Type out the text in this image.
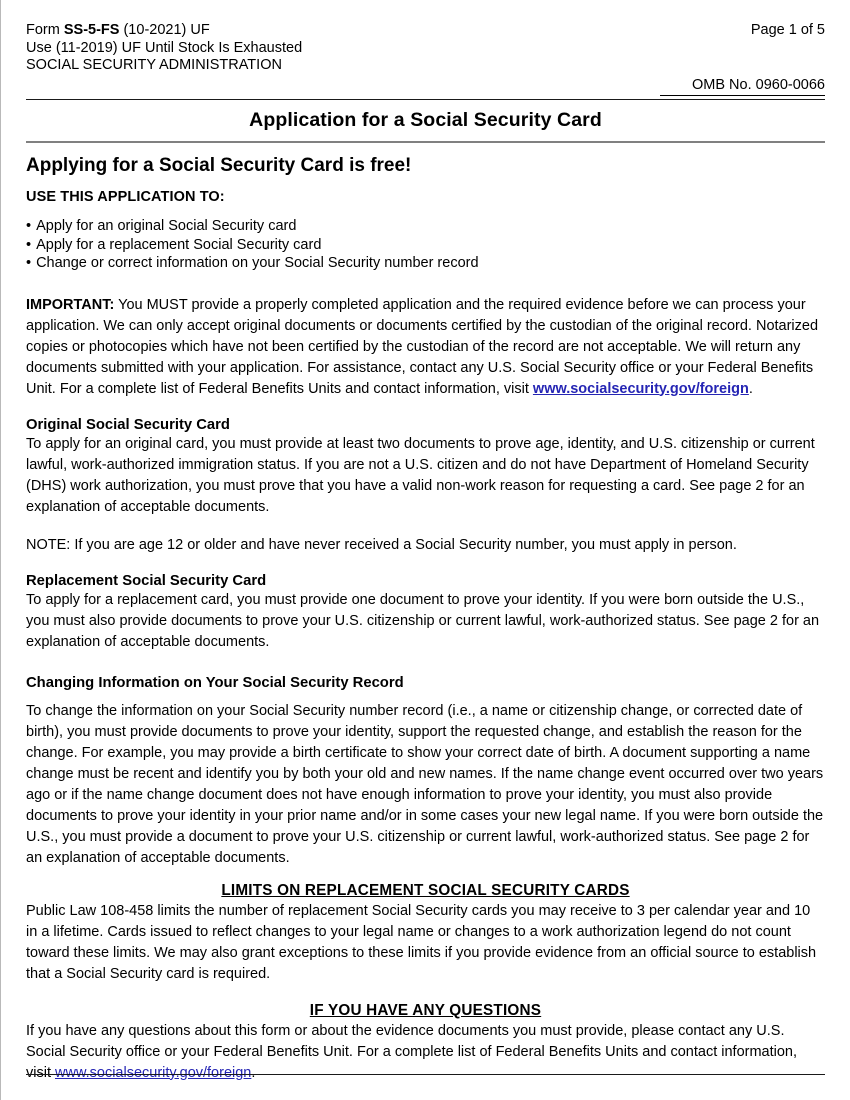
Form SS-5-FS (10-2021) UF
Use (11-2019) UF Until Stock Is Exhausted
SOCIAL SECURITY ADMINISTRATION
Page 1 of 5
OMB No. 0960-0066
Application for a Social Security Card
Applying for a Social Security Card is free!
USE THIS APPLICATION TO:
• Apply for an original Social Security card
• Apply for a replacement Social Security card
• Change or correct information on your Social Security number record

IMPORTANT: You MUST provide a properly completed application and the required evidence before we can process your application. We can only accept original documents or documents certified by the custodian of the original record. Notarized copies or photocopies which have not been certified by the custodian of the record are not acceptable. We will return any documents submitted with your application. For assistance, contact any U.S. Social Security office or your Federal Benefits Unit. For a complete list of Federal Benefits Units and contact information, visit www.socialsecurity.gov/foreign.

Original Social Security Card

To apply for an original card, you must provide at least two documents to prove age, identity, and U.S. citizenship or current lawful, work-authorized immigration status. If you are not a U.S. citizen and do not have Department of Homeland Security (DHS) work authorization, you must prove that you have a valid non-work reason for requesting a card. See page 2 for an explanation of acceptable documents.

NOTE: If you are age 12 or older and have never received a Social Security number, you must apply in person.

Replacement Social Security Card

To apply for a replacement card, you must provide one document to prove your identity. If you were born outside the U.S., you must also provide documents to prove your U.S. citizenship or current lawful, work-authorized status. See page 2 for an explanation of acceptable documents.

Changing Information on Your Social Security Record

To change the information on your Social Security number record (i.e., a name or citizenship change, or corrected date of birth), you must provide documents to prove your identity, support the requested change, and establish the reason for the change. For example, you may provide a birth certificate to show your correct date of birth. A document supporting a name change must be recent and identify you by both your old and new names. If the name change event occurred over two years ago or if the name change document does not have enough information to prove your identity, you must also provide documents to prove your identity in your prior name and/or in some cases your new legal name. If you were born outside the U.S., you must provide a document to prove your U.S. citizenship or current lawful, work-authorized status. See page 2 for an explanation of acceptable documents.

LIMITS ON REPLACEMENT SOCIAL SECURITY CARDS

Public Law 108-458 limits the number of replacement Social Security cards you may receive to 3 per calendar year and 10 in a lifetime. Cards issued to reflect changes to your legal name or changes to a work authorization legend do not count toward these limits. We may also grant exceptions to these limits if you provide evidence from an official source to establish that a Social Security card is required.

IF YOU HAVE ANY QUESTIONS

If you have any questions about this form or about the evidence documents you must provide, please contact any U.S. Social Security office or your Federal Benefits Unit. For a complete list of Federal Benefits Units and contact information, visit www.socialsecurity.gov/foreign.
